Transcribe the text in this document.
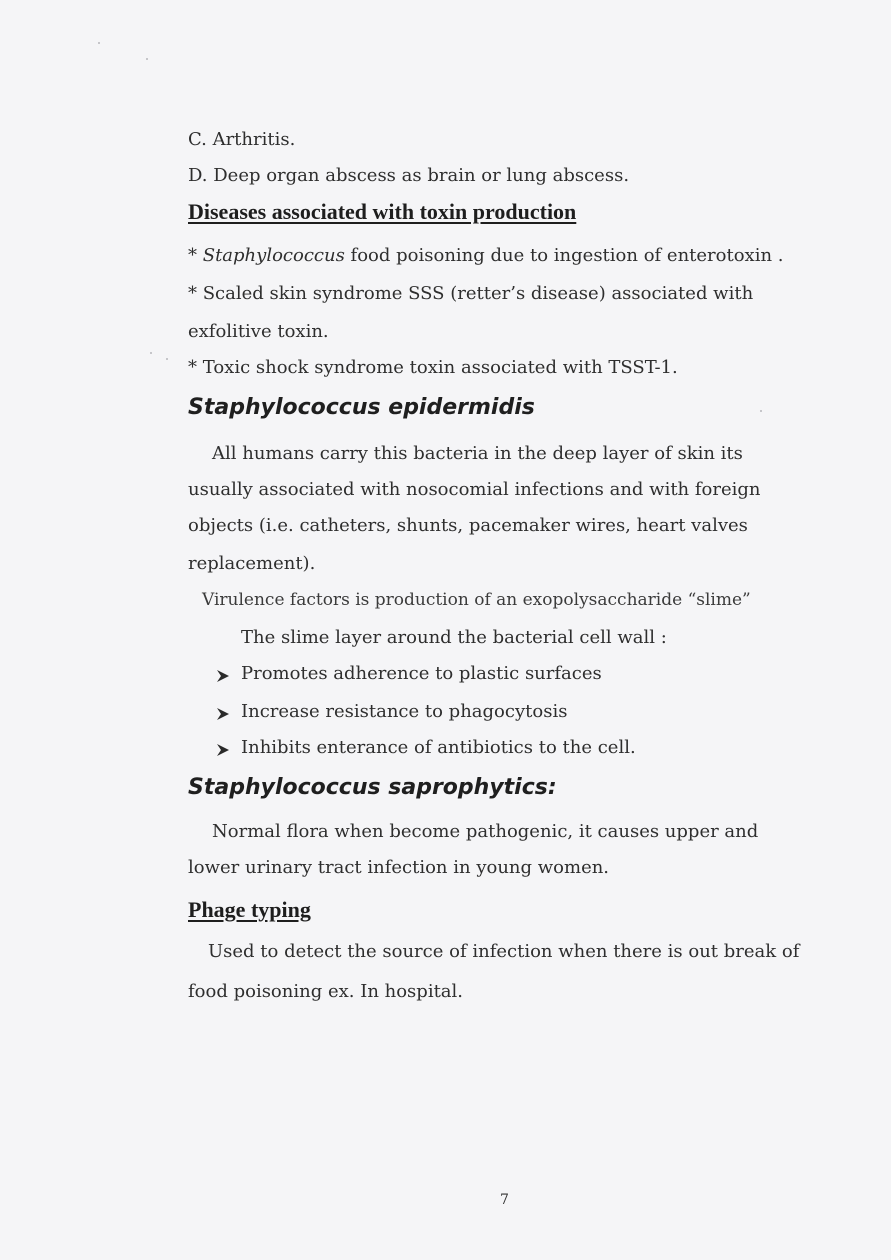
C. Arthritis.
D. Deep organ abscess as brain or lung abscess.
Diseases associated with toxin production
* Staphylococcus food poisoning due to ingestion of enterotoxin .
* Scaled skin syndrome SSS (retter’s disease) associated with
exfolitive toxin.
* Toxic shock syndrome toxin associated with TSST-1.
Staphylococcus epidermidis
All humans carry this bacteria in the deep layer of skin its
usually associated with nosocomial infections and with foreign
objects (i.e. catheters, shunts, pacemaker wires, heart valves
replacement).
Virulence factors is production of an exopolysaccharide “slime”
The slime layer around the bacterial cell wall :
Promotes adherence to plastic surfaces
Increase resistance to phagocytosis
Inhibits enterance of antibiotics to the cell.
Staphylococcus saprophytics:
Normal flora when become pathogenic, it causes upper and
lower urinary tract infection in young women.
Phage typing
Used to detect the source of infection when there is out break of
food poisoning ex. In hospital.
7
